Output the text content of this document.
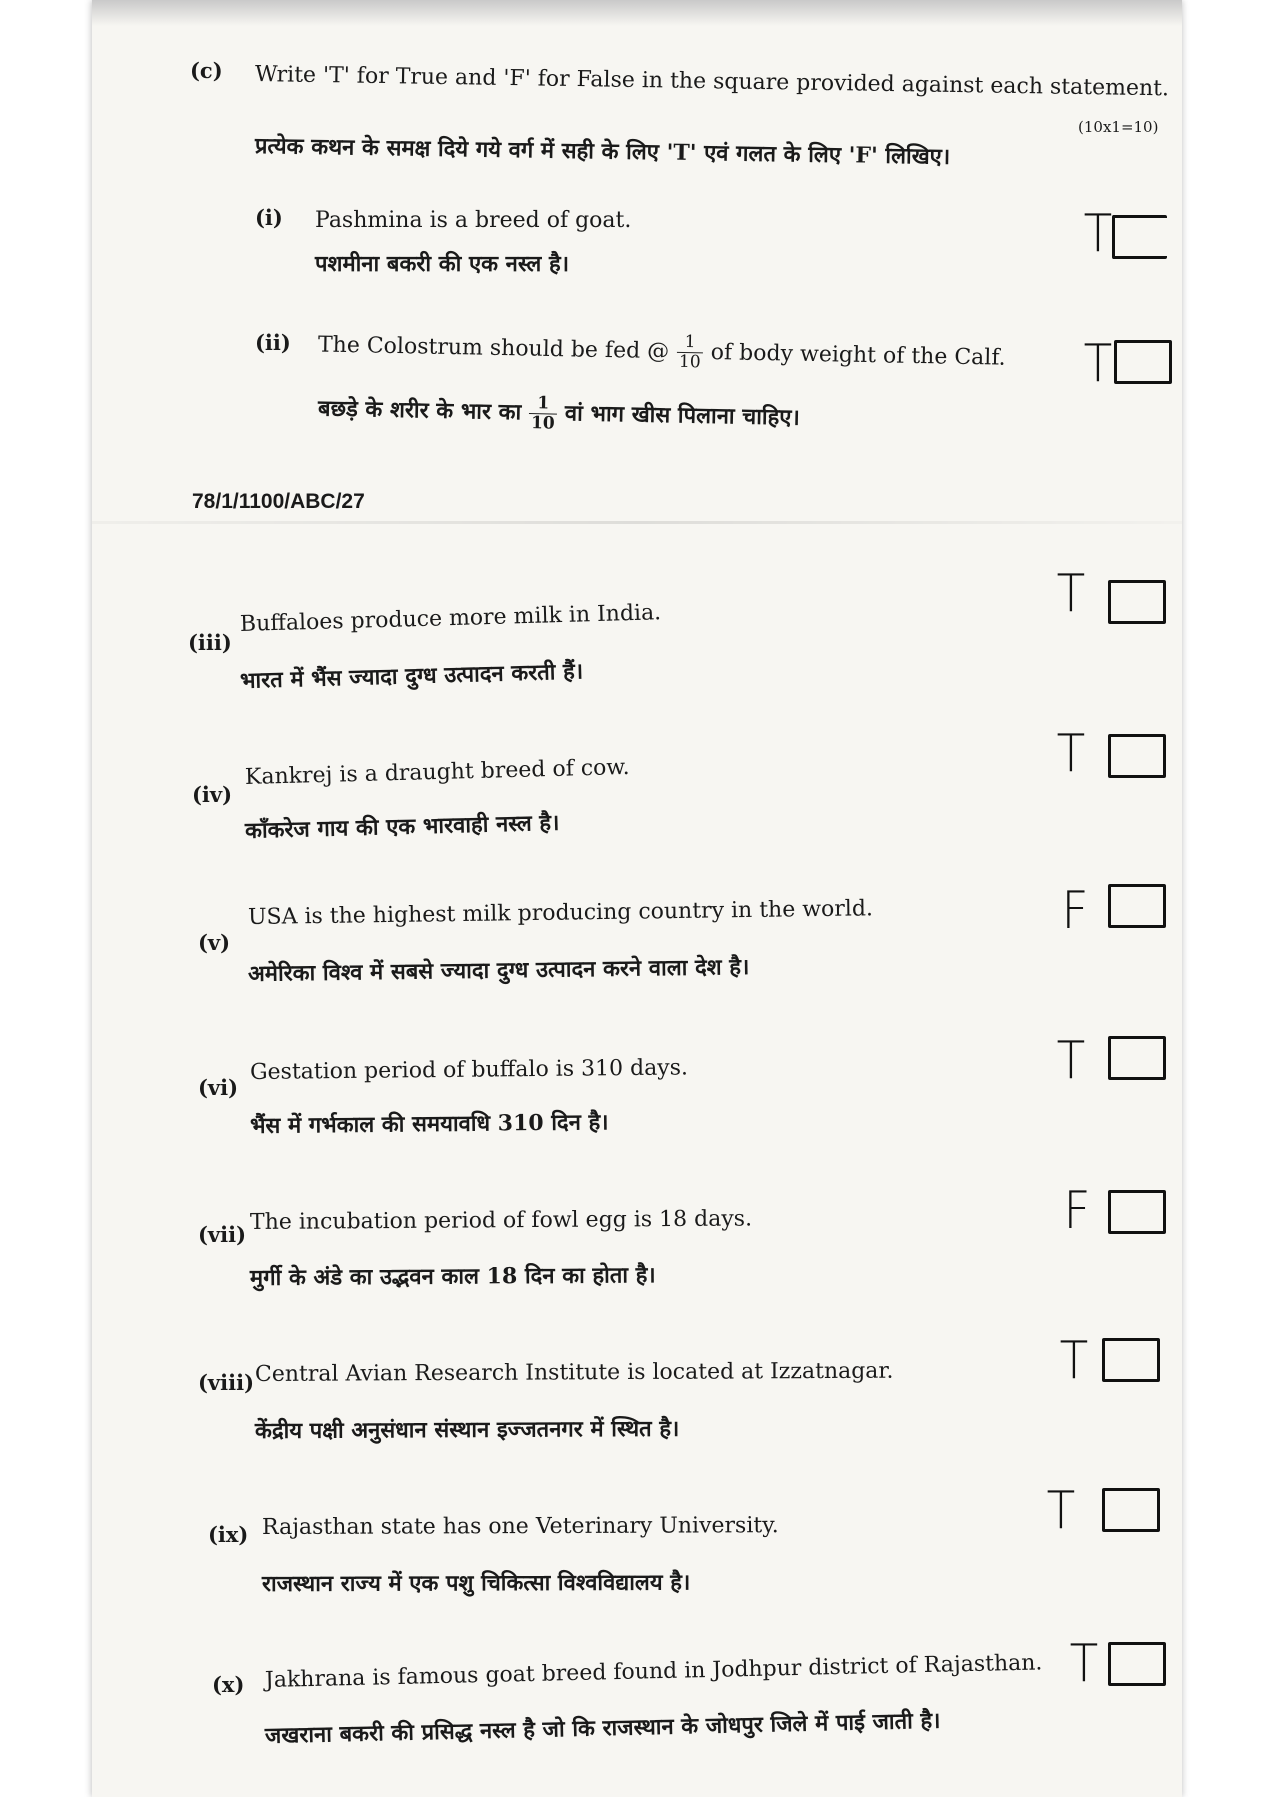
(c) Write 'T' for True and 'F' for False in the square provided against each statement.
(10x1=10)
प्रत्येक कथन के समक्ष दिये गये वर्ग में सही के लिए 'T' एवं गलत के लिए 'F' लिखिए।
(i) Pashmina is a breed of goat.
पशमीना बकरी की एक नस्ल है।	T
(ii) The Colostrum should be fed @ $\frac{1}{10}$ of body weight of the Calf.
बछड़े के शरीर के भार का $\frac{1}{10}$ वां भाग खीस पिलाना चाहिए।
T
78/1/1100/ABC/27
(iii)
Buffaloes produce more milk in India.
भारत में भैंस ज्यादा दुग्ध उत्पादन करती हैं।
T
(iv)
Kankrej is a draught breed of cow.
काँकरेज गाय की एक भारवाही नस्ल है।
T
(v)
USA is the highest milk producing country in the world.
अमेरिका विश्व में सबसे ज्यादा दुग्ध उत्पादन करने वाला देश है।
F
(vi)
Gestation period of buffalo is 310 days.
भैंस में गर्भकाल की समयावधि 310 दिन है।
T
(vii) The incubation period of fowl egg is 18 days.
मुर्गी के अंडे का उद्भवन काल 18 दिन का होता है।
F
(viii) Central Avian Research Institute is located at Izzatnagar.
केंद्रीय पक्षी अनुसंधान संस्थान इज्जतनगर में स्थित है।
T
(ix) Rajasthan state has one Veterinary University.
राजस्थान राज्य में एक पशु चिकित्सा विश्वविद्यालय है।
T
(x) Jakhrana is famous goat breed found in Jodhpur district of Rajasthan.
जखराना बकरी की प्रसिद्ध नस्ल है जो कि राजस्थान के जोधपुर जिले में पाई जाती है।
T
